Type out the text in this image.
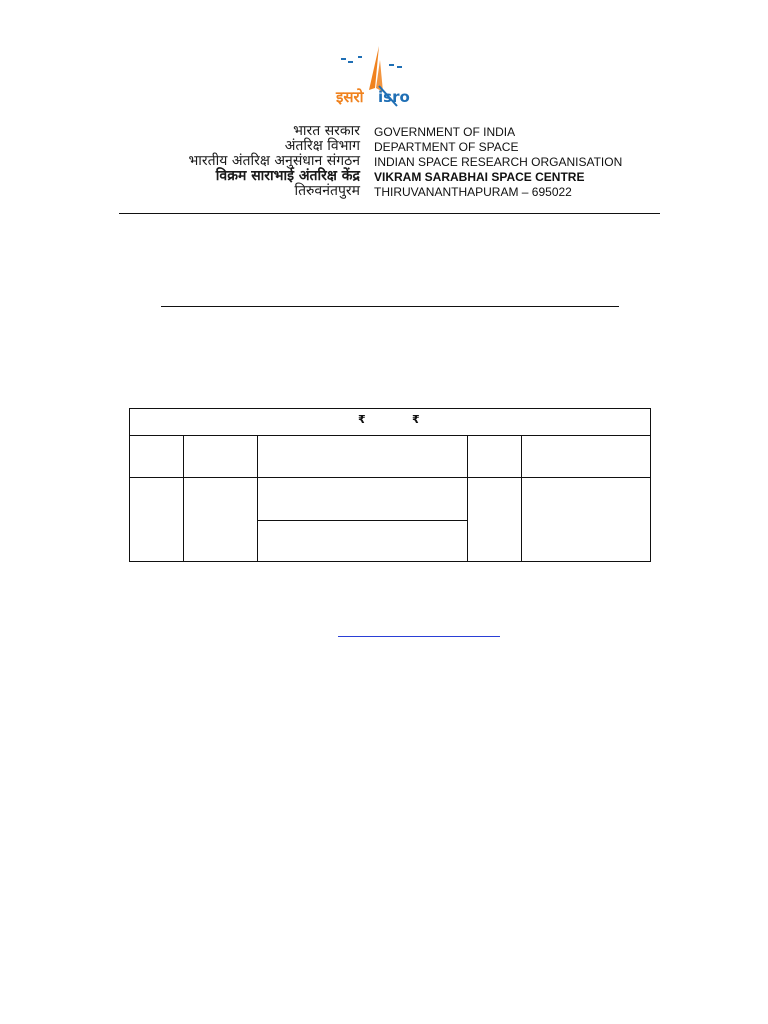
इसरो isro
भारत सरकार GOVERNMENT OF INDIA
अंतरिक्ष विभाग DEPARTMENT OF SPACE
भारतीय अंतरिक्ष अनुसंधान संगठन INDIAN SPACE RESEARCH ORGANISATION
विक्रम साराभाई अंतरिक्ष केंद्र VIKRAM SARABHAI SPACE CENTRE
तिरुवनंतपुरम THIRUVANANTHAPURAM – 695022
₹	₹
